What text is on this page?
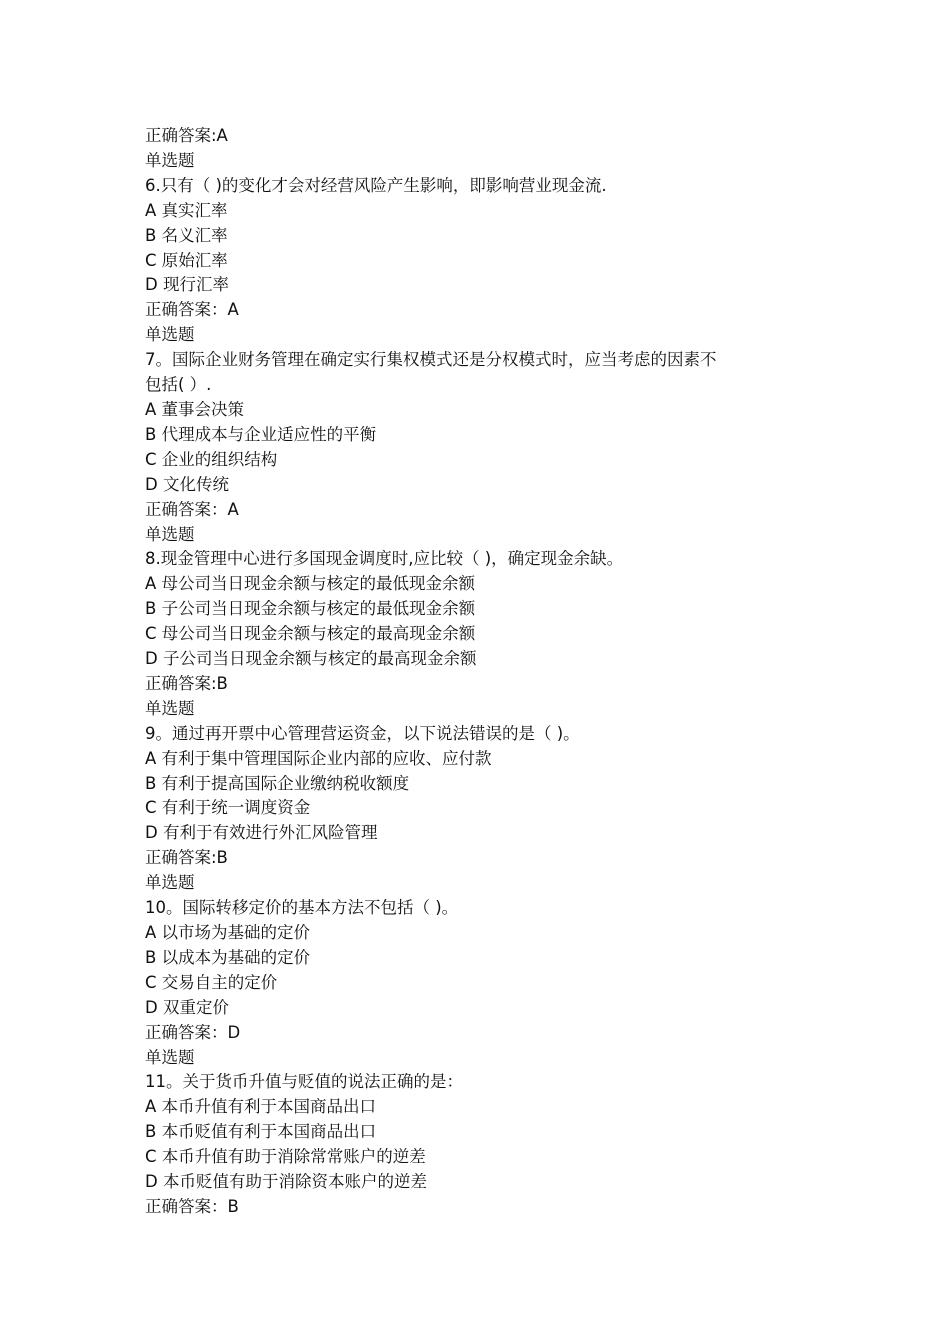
正确答案:A
单选题
6.只有（ )的变化才会对经营风险产生影响，即影响营业现金流.
A 真实汇率
B 名义汇率
C 原始汇率
D 现行汇率
正确答案：A
单选题
7。国际企业财务管理在确定实行集权模式还是分权模式时，应当考虑的因素不
包括( ）.
A 董事会决策
B 代理成本与企业适应性的平衡
C 企业的组织结构
D 文化传统
正确答案：A
单选题
8.现金管理中心进行多国现金调度时,应比较（ )，确定现金余缺。
A 母公司当日现金余额与核定的最低现金余额
B 子公司当日现金余额与核定的最低现金余额
C 母公司当日现金余额与核定的最高现金余额
D 子公司当日现金余额与核定的最高现金余额
正确答案:B
单选题
9。通过再开票中心管理营运资金，以下说法错误的是（ )。
A 有利于集中管理国际企业内部的应收、应付款
B 有利于提高国际企业缴纳税收额度
C 有利于统一调度资金
D 有利于有效进行外汇风险管理
正确答案:B
单选题
10。国际转移定价的基本方法不包括（ )。
A 以市场为基础的定价
B 以成本为基础的定价
C 交易自主的定价
D 双重定价
正确答案：D
单选题
11。关于货币升值与贬值的说法正确的是：
A 本币升值有利于本国商品出口
B 本币贬值有利于本国商品出口
C 本币升值有助于消除常常账户的逆差
D 本币贬值有助于消除资本账户的逆差
正确答案：B
